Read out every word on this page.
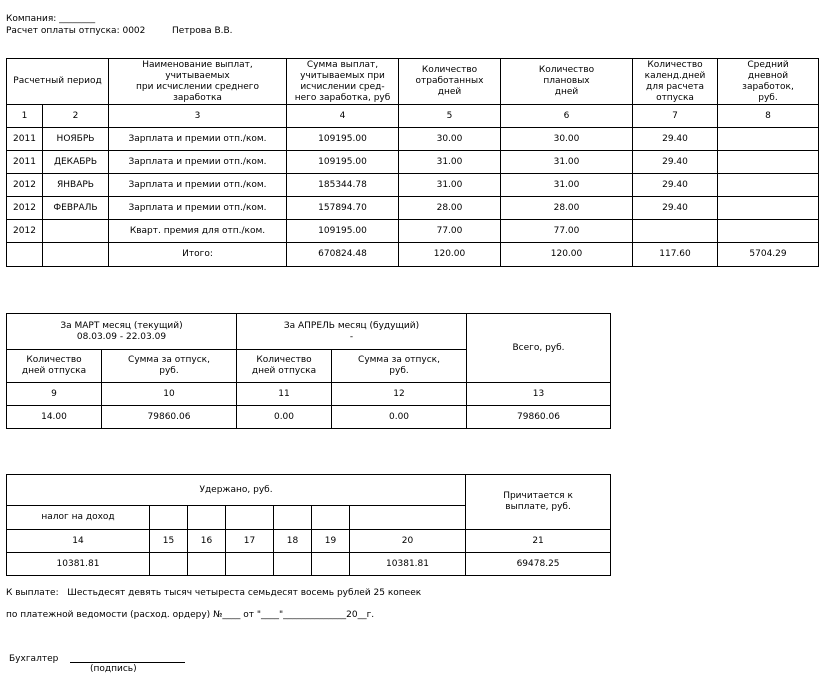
Компания: ________
Расчет оплаты отпуска: 0002	Петрова В.В.
Расчетный период		Наименование выплат,
учитываемых
при исчислении среднего
заработка	Сумма выплат,
учитываемых при
исчислении сред-
него заработка, руб	Количество
отработанных
дней	Количество
плановых
дней	Количество
календ.дней
для расчета
отпуска	Средний
дневной
заработок,
руб.

1	2	3	4	5	6	7	8
2011	НОЯБРЬ	Зарплата и премии отп./ком.	109195.00	30.00	30.00	29.40	
2011	ДЕКАБРЬ	Зарплата и премии отп./ком.	109195.00	31.00	31.00	29.40	
2012	ЯНВАРЬ	Зарплата и премии отп./ком.	185344.78	31.00	31.00	29.40	
2012	ФЕВРАЛЬ	Зарплата и премии отп./ком.	157894.70	28.00	28.00	29.40	
2012		Кварт. премия для отп./ком.	109195.00	77.00	77.00		
		Итого:	670824.48	120.00	120.00	117.60	5704.29
За МАРТ месяц (текущий)
08.03.09 - 22.03.09		За АПРЕЛЬ месяц (будущий)
-		Всего, руб.

Количество
дней отпуска	Сумма за отпуск,
руб.	Количество
дней отпуска	Сумма за отпуск,
руб.	

9	10	11	12	13
14.00	79860.06	0.00	0.00	79860.06
Удержано, руб.							Причитается к
выплате, руб.

налог на доход							
14	15	16	17	18	19	20	21
10381.81						10381.81	69478.25
К выплате: Шестьдесят девять тысяч четыреста семьдесят восемь рублей 25 копеек
по платежной ведомости (расход. ордеру) №____ от "____"______________20__г.
Бухгалтер
(подпись)
